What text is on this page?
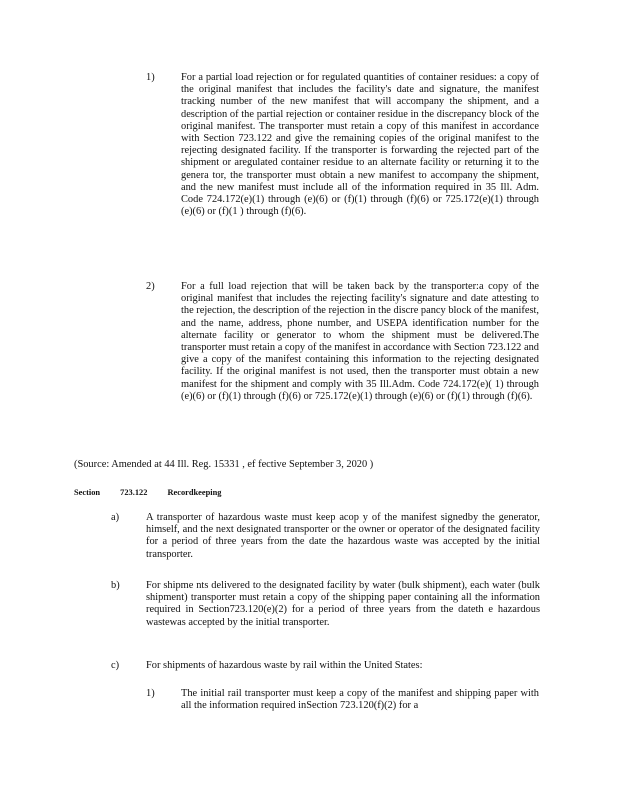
1)	For a partial load rejection or for regulated quantities of container residues: a copy of the original manifest that includes the facility's date and signature, the manifest tracking number of the new manifest that will accompany the shipment, and a description of the partial rejection or container residue in the discrepancy block of the original manifest. The transporter must retain a copy of this manifest in accordance with Section 723.122 and give the remaining copies of the original manifest to the rejecting designated facility. If the transporter is forwarding the rejected part of the shipment or aregulated container residue to an alternate facility or returning it to the genera tor, the transporter must obtain a new manifest to accompany the shipment, and the new manifest must include all of the information required in 35 Ill. Adm. Code 724.172(e)(1) through (e)(6) or (f)(1) through (f)(6) or 725.172(e)(1) through (e)(6) or (f)(1 ) through (f)(6).
2)	For a full load rejection that will be taken back by the transporter:a copy of the original manifest that includes the rejecting facility's signature and date attesting to the rejection, the description of the rejection in the discre pancy block of the manifest, and the name, address, phone number, and USEPA identification number for the alternate facility or generator to whom the shipment must be delivered.The transporter must retain a copy of the manifest in accordance with Section 723.122 and give a copy of the manifest containing this information to the rejecting designated facility. If the original manifest is not used, then the transporter must obtain a new manifest for the shipment and comply with 35 Ill.Adm. Code 724.172(e)( 1) through (e)(6) or (f)(1) through (f)(6) or 725.172(e)(1) through (e)(6) or (f)(1) through (f)(6).
(Source: Amended at 44 Ill. Reg. 15331 , ef fective September 3, 2020 )
Section 723.122 Recordkeeping
a)	A transporter of hazardous waste must keep acop y of the manifest signedby the generator, himself, and the next designated transporter or the owner or operator of the designated facility for a period of three years from the date the hazardous waste was accepted by the initial transporter.
b)	For shipme nts delivered to the designated facility by water (bulk shipment), each water (bulk shipment) transporter must retain a copy of the shipping paper containing all the information required in Section723.120(e)(2) for a period of three years from the dateth e hazardous wastewas accepted by the initial transporter.
c)	For shipments of hazardous waste by rail within the United States:
1)	The initial rail transporter must keep a copy of the manifest and shipping paper with all the information required inSection 723.120(f)(2) for a
